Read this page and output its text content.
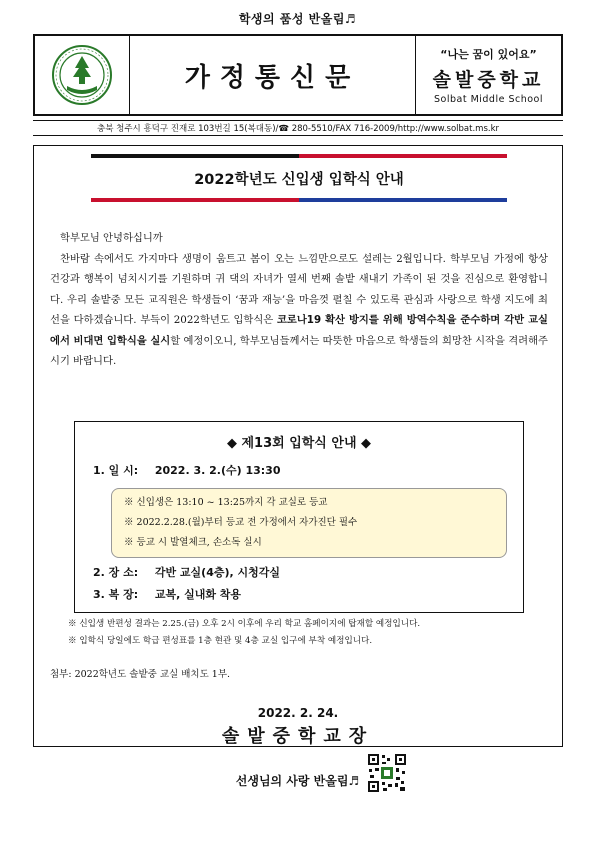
학생의 품성 반올림♬
가정통신문
“나는 꿈이 있어요”
솔발중학교
Solbat Middle School
충북 청주시 흥덕구 진재로 103번길 15(복대동)/☎ 280-5510/FAX 716-2009/http://www.solbat.ms.kr
2022학년도 신입생 입학식 안내

학부모님 안녕하십니까

찬바람 속에서도 가지마다 생명이 움트고 봄이 오는 느낌만으로도 설레는 2월입니다. 학부모님 가정에 항상 건강과 행복이 넘치시기를 기원하며 귀 댁의 자녀가 열세 번째 솔밭 새내기 가족이 된 것을 진심으로 환영합니다. 우리 솔밭중 모든 교직원은 학생들이 ‘꿈과 재능’을 마음껏 펼칠 수 있도록 관심과 사랑으로 학생 지도에 최선을 다하겠습니다. 부득이 2022학년도 입학식은 코로나19 확산 방지를 위해 방역수칙을 준수하며 각반 교실에서 비대면 입학식을 실시할 예정이오니, 학부모님들께서는 따뜻한 마음으로 학생들의 희망찬 시작을 격려해주시기 바랍니다.

◆ 제13회 입학식 안내 ◆
1. 일 시: 2022. 3. 2.(수) 13:30

※ 신입생은 13:10 ~ 13:25까지 각 교실로 등교

※ 2022.2.28.(월)부터 등교 전 가정에서 자가진단 필수

※ 등교 시 발열체크, 손소독 실시

2. 장 소: 각반 교실(4층), 시청각실
3. 복 장: 교복, 실내화 착용
※ 신입생 반편성 결과는 2.25.(금) 오후 2시 이후에 우리 학교 홈페이지에 탑재할 예정입니다.
※ 입학식 당일에도 학급 편성표를 1층 현관 및 4층 교실 입구에 부착 예정입니다.
첨부: 2022학년도 솔밭중 교실 배치도 1부.
2022. 2. 24.
솔밭중학교장
선생님의 사랑 반올림♬
